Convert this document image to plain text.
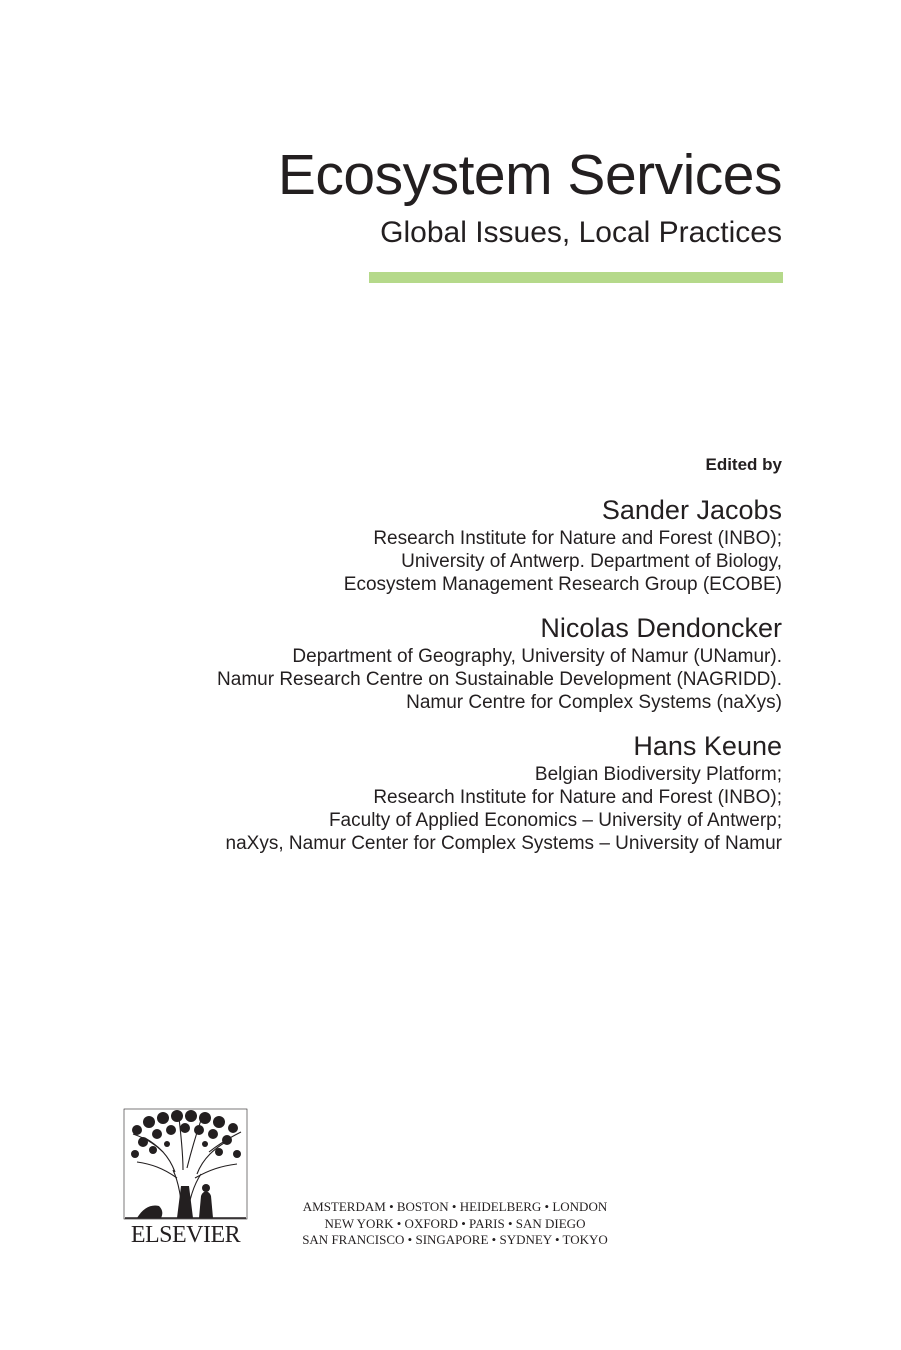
Ecosystem Services
Global Issues, Local Practices
Edited by
Sander Jacobs
Research Institute for Nature and Forest (INBO);
University of Antwerp. Department of Biology,
Ecosystem Management Research Group (ECOBE)
Nicolas Dendoncker
Department of Geography, University of Namur (UNamur).
Namur Research Centre on Sustainable Development (NAGRIDD).
Namur Centre for Complex Systems (naXys)
Hans Keune
Belgian Biodiversity Platform;
Research Institute for Nature and Forest (INBO);
Faculty of Applied Economics – University of Antwerp;
naXys, Namur Center for Complex Systems – University of Namur
ELSEVIER
AMSTERDAM • BOSTON • HEIDELBERG • LONDON
NEW YORK • OXFORD • PARIS • SAN DIEGO
SAN FRANCISCO • SINGAPORE • SYDNEY • TOKYO
